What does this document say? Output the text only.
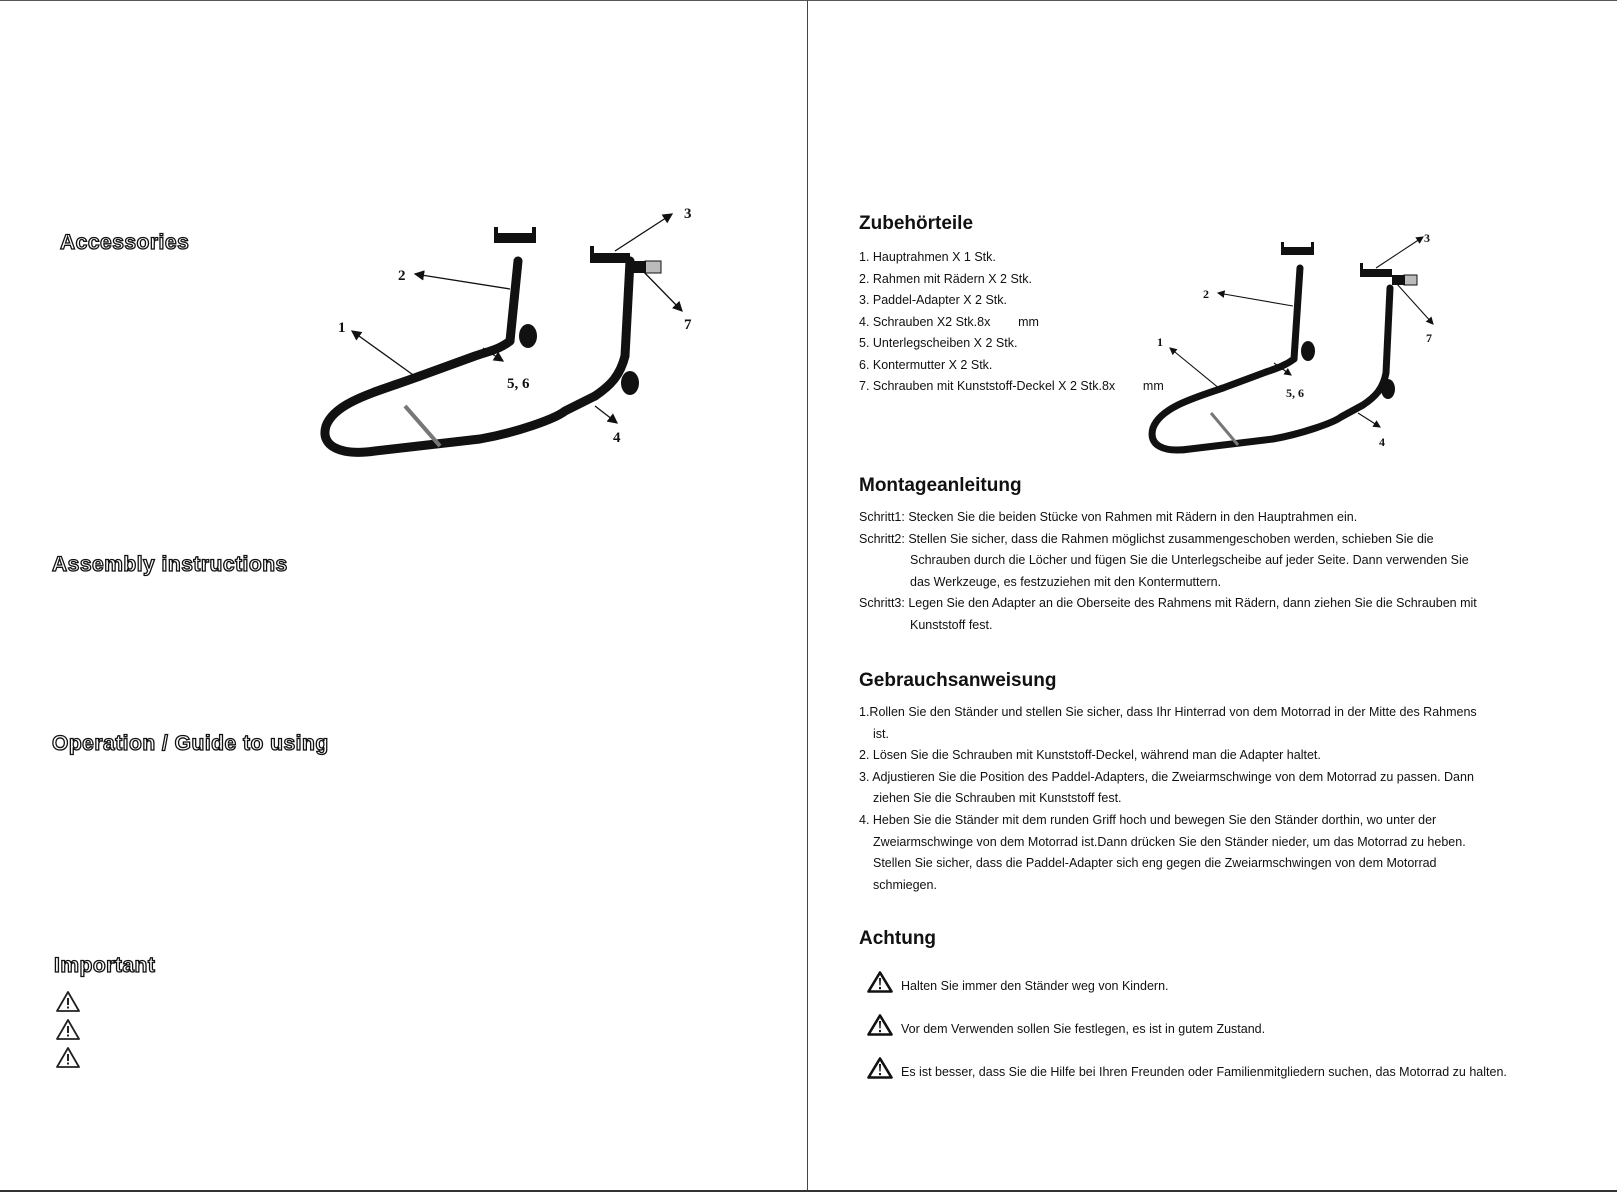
Accessories
1
2
3
4
5, 6
7
Assembly instructions
Operation / Guide to using
Important
Zubehörteile
1. Hauptrahmen X 1 Stk.
2. Rahmen mit Rädern X 2 Stk.
3. Paddel-Adapter X 2 Stk.
4. Schrauben X2 Stk.8x        mm
5. Unterlegscheiben X 2 Stk.
6. Kontermutter X 2 Stk.
7. Schrauben mit Kunststoff-Deckel X 2 Stk.8x        mm
1
2
3
4
5, 6
7
Montageanleitung
Schritt1: Stecken Sie die beiden Stücke von Rahmen mit Rädern in den Hauptrahmen ein.
Schritt2: Stellen Sie sicher, dass die Rahmen möglichst zusammengeschoben werden, schieben Sie die
Schrauben durch die Löcher und fügen Sie die Unterlegscheibe auf jeder Seite. Dann verwenden Sie
das Werkzeuge, es festzuziehen mit den Kontermuttern.
Schritt3: Legen Sie den Adapter an die Oberseite des Rahmens mit Rädern, dann ziehen Sie die Schrauben mit
Kunststoff fest.
Gebrauchsanweisung
1.Rollen Sie den Ständer und stellen Sie sicher, dass Ihr Hinterrad von dem Motorrad in der Mitte des Rahmens
ist.
2. Lösen Sie die Schrauben mit Kunststoff-Deckel, während man die Adapter haltet.
3. Adjustieren Sie die Position des Paddel-Adapters, die Zweiarmschwinge von dem Motorrad zu passen. Dann
ziehen Sie die Schrauben mit Kunststoff fest.
4. Heben Sie die Ständer mit dem runden Griff hoch und bewegen Sie den Ständer dorthin, wo unter der
Zweiarmschwinge von dem Motorrad ist.Dann drücken Sie den Ständer nieder, um das Motorrad zu heben.
Stellen Sie sicher, dass die Paddel-Adapter sich eng gegen die Zweiarmschwingen von dem Motorrad
schmiegen.
Achtung
Halten Sie immer den Ständer weg von Kindern.
Vor dem Verwenden sollen Sie festlegen, es ist in gutem Zustand.
Es ist besser, dass Sie die Hilfe bei Ihren Freunden oder Familienmitgliedern suchen, das Motorrad zu halten.
